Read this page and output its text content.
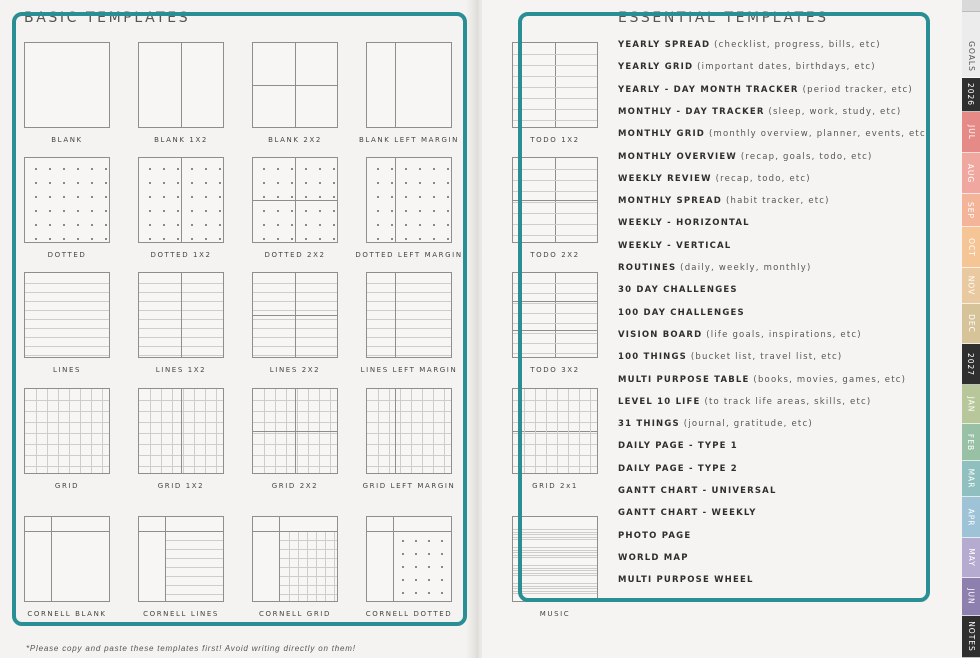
BASIC TEMPLATES	ESSENTIAL TEMPLATES
BLANK	BLANK 1X2	BLANK 2X2	BLANK LEFT MARGIN
DOTTED	DOTTED 1X2	DOTTED 2X2	DOTTED LEFT MARGIN
LINES	LINES 1X2	LINES 2X2	LINES LEFT MARGIN
GRID	GRID 1X2	GRID 2X2	GRID LEFT MARGIN
CORNELL BLANK	CORNELL LINES	CORNELL GRID	CORNELL DOTTED
TODO 1X2
TODO 2X2
TODO 3X2
GRID 2x1
MUSIC
YEARLY SPREAD (checklist, progress, bills, etc)
YEARLY GRID (important dates, birthdays, etc)
YEARLY - DAY MONTH TRACKER (period tracker, etc)
MONTHLY - DAY TRACKER (sleep, work, study, etc)
MONTHLY GRID (monthly overview, planner, events, etc)
MONTHLY OVERVIEW (recap, goals, todo, etc)
WEEKLY REVIEW (recap, todo, etc)
MONTHLY SPREAD (habit tracker, etc)
WEEKLY - HORIZONTAL
WEEKLY - VERTICAL
ROUTINES (daily, weekly, monthly)
30 DAY CHALLENGES
100 DAY CHALLENGES
VISION BOARD (life goals, inspirations, etc)
100 THINGS (bucket list, travel list, etc)
MULTI PURPOSE TABLE (books, movies, games, etc)
LEVEL 10 LIFE (to track life areas, skills, etc)
31 THINGS (journal, gratitude, etc)
DAILY PAGE - TYPE 1
DAILY PAGE - TYPE 2
GANTT CHART - UNIVERSAL
GANTT CHART - WEEKLY
PHOTO PAGE
WORLD MAP
MULTI PURPOSE WHEEL
*Please copy and paste these templates first! Avoid writing directly on them!
GOALS
2026
JUL
AUG
SEP
OCT
NOV
DEC
2027
JAN
FEB
MAR
APR
MAY
JUN
NOTES
